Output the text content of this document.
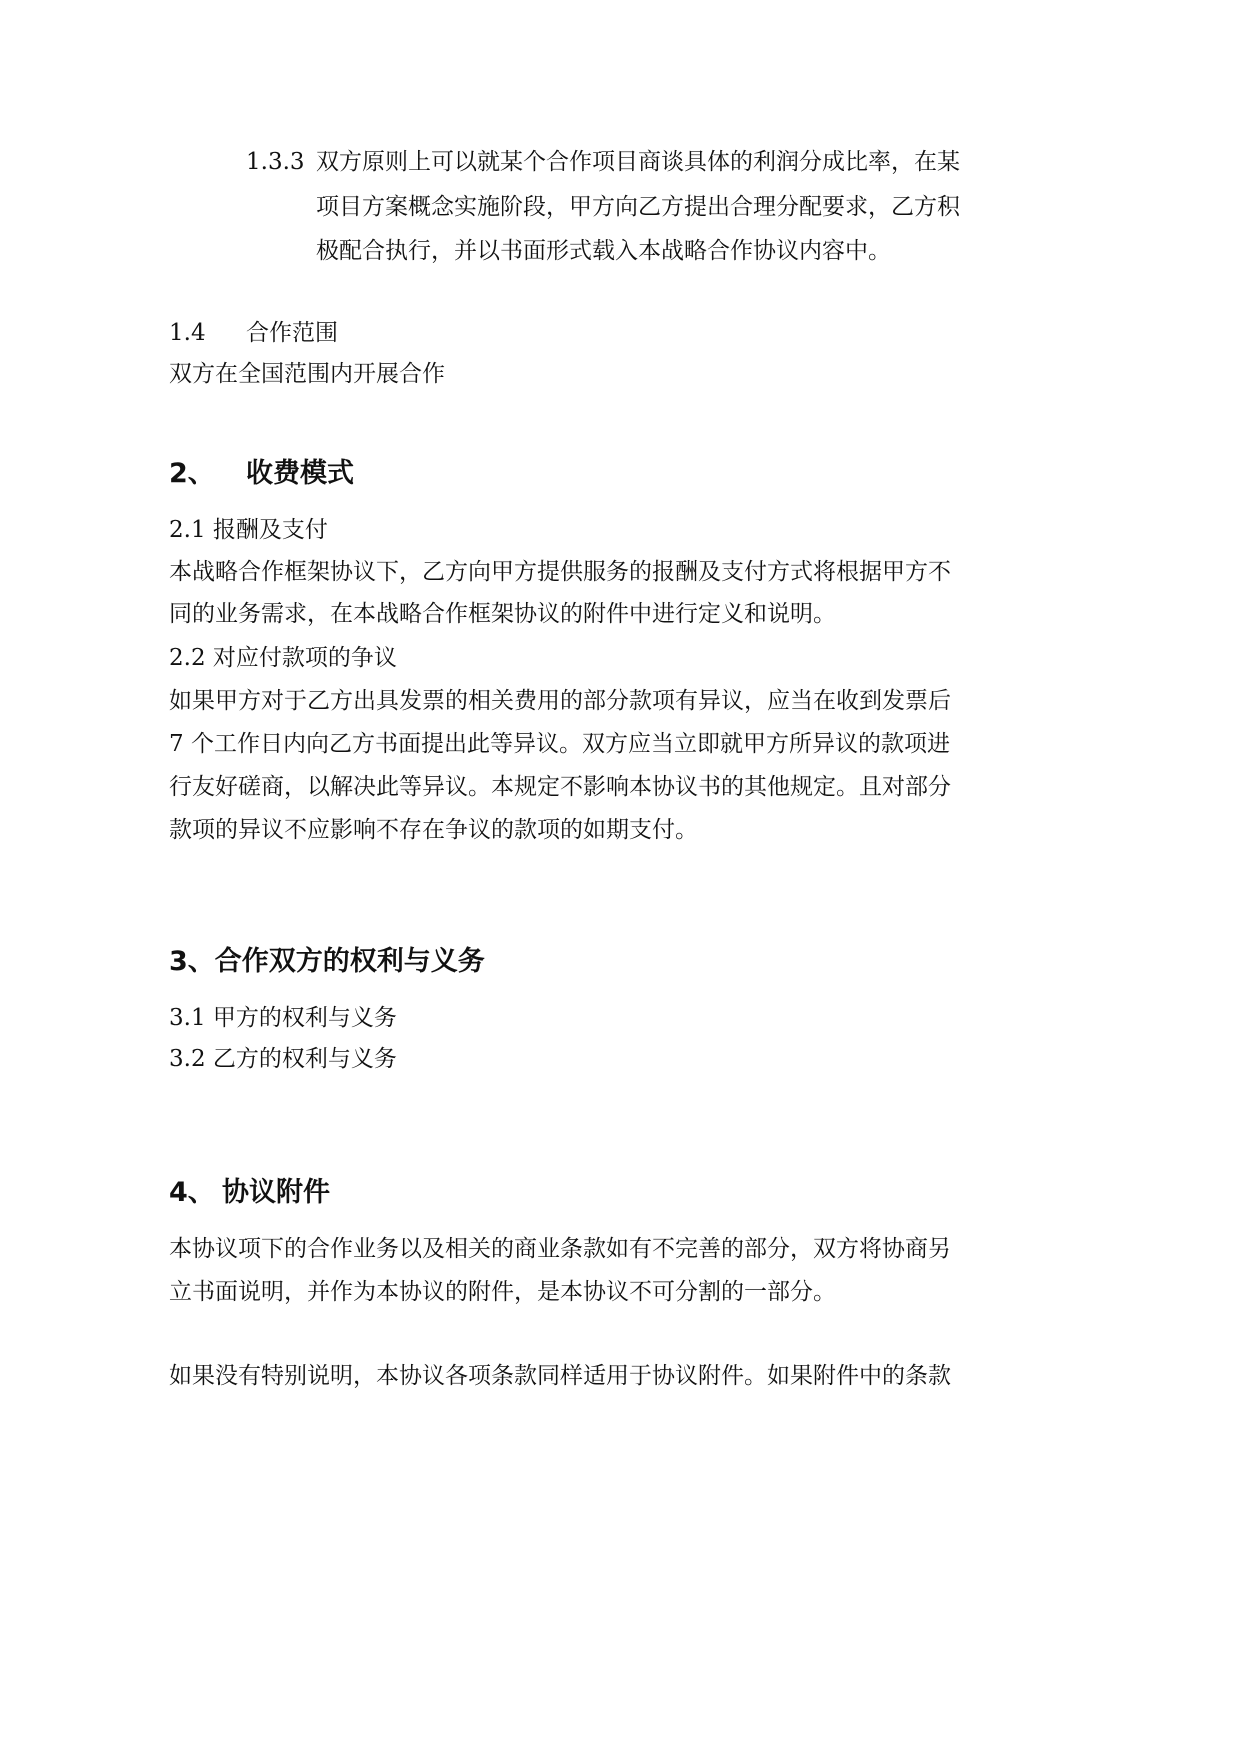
1.3.3 双方原则上可以就某个合作项目商谈具体的利润分成比率，在某
项目方案概念实施阶段，甲方向乙方提出合理分配要求，乙方积
极配合执行，并以书面形式载入本战略合作协议内容中。
1.4 合作范围
双方在全国范围内开展合作
2、 收费模式
2.1 报酬及支付
本战略合作框架协议下，乙方向甲方提供服务的报酬及支付方式将根据甲方不
同的业务需求，在本战略合作框架协议的附件中进行定义和说明。
2.2 对应付款项的争议
如果甲方对于乙方出具发票的相关费用的部分款项有异议，应当在收到发票后
7 个工作日内向乙方书面提出此等异议。双方应当立即就甲方所异议的款项进
行友好磋商，以解决此等异议。本规定不影响本协议书的其他规定。且对部分
款项的异议不应影响不存在争议的款项的如期支付。
3、合作双方的权利与义务
3.1 甲方的权利与义务
3.2 乙方的权利与义务
4、 协议附件
本协议项下的合作业务以及相关的商业条款如有不完善的部分，双方将协商另
立书面说明，并作为本协议的附件，是本协议不可分割的一部分。
如果没有特别说明，本协议各项条款同样适用于协议附件。如果附件中的条款
